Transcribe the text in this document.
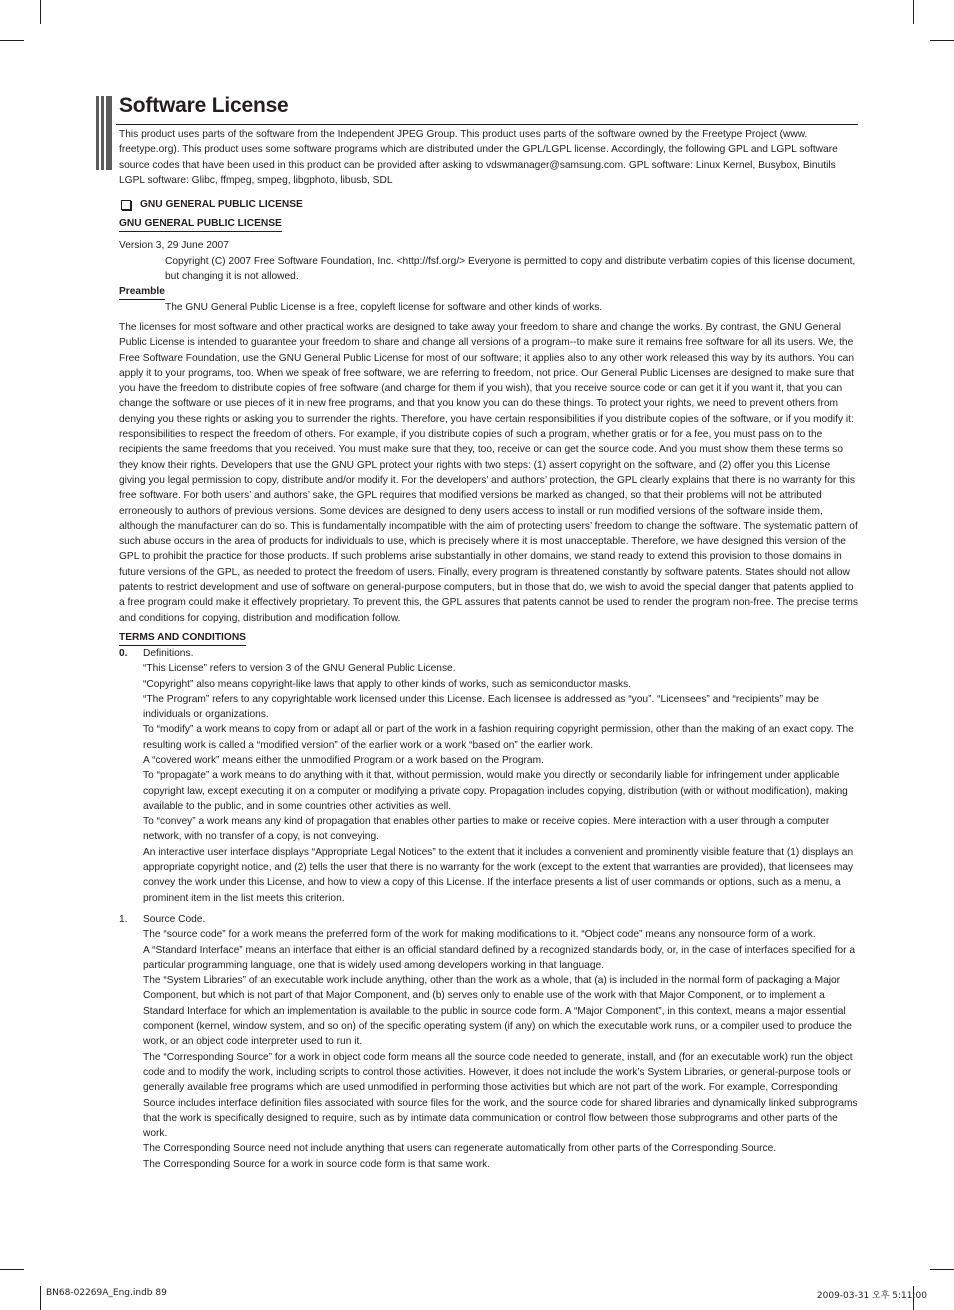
Software License

This product uses parts of the software from the Independent JPEG Group. This product uses parts of the software owned by the Freetype Project (www. freetype.org). This product uses some software programs which are distributed under the GPL/LGPL license. Accordingly, the following GPL and LGPL software source codes that have been used in this product can be provided after asking to vdswmanager@samsung.com. GPL software: Linux Kernel, Busybox, Binutils LGPL software: Glibc, ffmpeg, smpeg, libgphoto, libusb, SDL

GNU GENERAL PUBLIC LICENSE
GNU GENERAL PUBLIC LICENSE

Version 3, 29 June 2007

Copyright (C) 2007 Free Software Foundation, Inc. <http://fsf.org/> Everyone is permitted to copy and distribute verbatim copies of this license document, but changing it is not allowed.

Preamble

The GNU General Public License is a free, copyleft license for software and other kinds of works.

The licenses for most software and other practical works are designed to take away your freedom to share and change the works. By contrast, the GNU General Public License is intended to guarantee your freedom to share and change all versions of a program--to make sure it remains free software for all its users. We, the Free Software Foundation, use the GNU General Public License for most of our software; it applies also to any other work released this way by its authors. You can apply it to your programs, too. When we speak of free software, we are referring to freedom, not price. Our General Public Licenses are designed to make sure that you have the freedom to distribute copies of free software (and charge for them if you wish), that you receive source code or can get it if you want it, that you can change the software or use pieces of it in new free programs, and that you know you can do these things. To protect your rights, we need to prevent others from denying you these rights or asking you to surrender the rights. Therefore, you have certain responsibilities if you distribute copies of the software, or if you modify it: responsibilities to respect the freedom of others. For example, if you distribute copies of such a program, whether gratis or for a fee, you must pass on to the recipients the same freedoms that you received. You must make sure that they, too, receive or can get the source code. And you must show them these terms so they know their rights. Developers that use the GNU GPL protect your rights with two steps: (1) assert copyright on the software, and (2) offer you this License giving you legal permission to copy, distribute and/or modify it. For the developers’ and authors’ protection, the GPL clearly explains that there is no warranty for this free software. For both users’ and authors’ sake, the GPL requires that modified versions be marked as changed, so that their problems will not be attributed erroneously to authors of previous versions. Some devices are designed to deny users access to install or run modified versions of the software inside them, although the manufacturer can do so. This is fundamentally incompatible with the aim of protecting users’ freedom to change the software. The systematic pattern of such abuse occurs in the area of products for individuals to use, which is precisely where it is most unacceptable. Therefore, we have designed this version of the GPL to prohibit the practice for those products. If such problems arise substantially in other domains, we stand ready to extend this provision to those domains in future versions of the GPL, as needed to protect the freedom of users. Finally, every program is threatened constantly by software patents. States should not allow patents to restrict development and use of software on general-purpose computers, but in those that do, we wish to avoid the special danger that patents applied to a free program could make it effectively proprietary. To prevent this, the GPL assures that patents cannot be used to render the program non-free. The precise terms and conditions for copying, distribution and modification follow.

TERMS AND CONDITIONS
0.	Definitions.

“This License” refers to version 3 of the GNU General Public License.

“Copyright” also means copyright-like laws that apply to other kinds of works, such as semiconductor masks.

“The Program” refers to any copyrightable work licensed under this License. Each licensee is addressed as “you”. “Licensees” and “recipients” may be individuals or organizations.

To “modify” a work means to copy from or adapt all or part of the work in a fashion requiring copyright permission, other than the making of an exact copy. The resulting work is called a “modified version” of the earlier work or a work “based on” the earlier work.

A “covered work” means either the unmodified Program or a work based on the Program.

To “propagate” a work means to do anything with it that, without permission, would make you directly or secondarily liable for infringement under applicable copyright law, except executing it on a computer or modifying a private copy. Propagation includes copying, distribution (with or without modification), making available to the public, and in some countries other activities as well.

To “convey” a work means any kind of propagation that enables other parties to make or receive copies. Mere interaction with a user through a computer network, with no transfer of a copy, is not conveying.

An interactive user interface displays “Appropriate Legal Notices” to the extent that it includes a convenient and prominently visible feature that (1) displays an appropriate copyright notice, and (2) tells the user that there is no warranty for the work (except to the extent that warranties are provided), that licensees may convey the work under this License, and how to view a copy of this License. If the interface presents a list of user commands or options, such as a menu, a prominent item in the list meets this criterion.

1.	Source Code.

The “source code” for a work means the preferred form of the work for making modifications to it. “Object code” means any nonsource form of a work.

A “Standard Interface” means an interface that either is an official standard defined by a recognized standards body, or, in the case of interfaces specified for a particular programming language, one that is widely used among developers working in that language.

The “System Libraries” of an executable work include anything, other than the work as a whole, that (a) is included in the normal form of packaging a Major Component, but which is not part of that Major Component, and (b) serves only to enable use of the work with that Major Component, or to implement a Standard Interface for which an implementation is available to the public in source code form. A “Major Component”, in this context, means a major essential component (kernel, window system, and so on) of the specific operating system (if any) on which the executable work runs, or a compiler used to produce the work, or an object code interpreter used to run it.

The “Corresponding Source” for a work in object code form means all the source code needed to generate, install, and (for an executable work) run the object code and to modify the work, including scripts to control those activities. However, it does not include the work’s System Libraries, or general-purpose tools or generally available free programs which are used unmodified in performing those activities but which are not part of the work. For example, Corresponding Source includes interface definition files associated with source files for the work, and the source code for shared libraries and dynamically linked subprograms that the work is specifically designed to require, such as by intimate data communication or control flow between those subprograms and other parts of the work.

The Corresponding Source need not include anything that users can regenerate automatically from other parts of the Corresponding Source.

The Corresponding Source for a work in source code form is that same work.

BN68-02269A_Eng.indb 89	2009-03-31 오후 5:11:00
